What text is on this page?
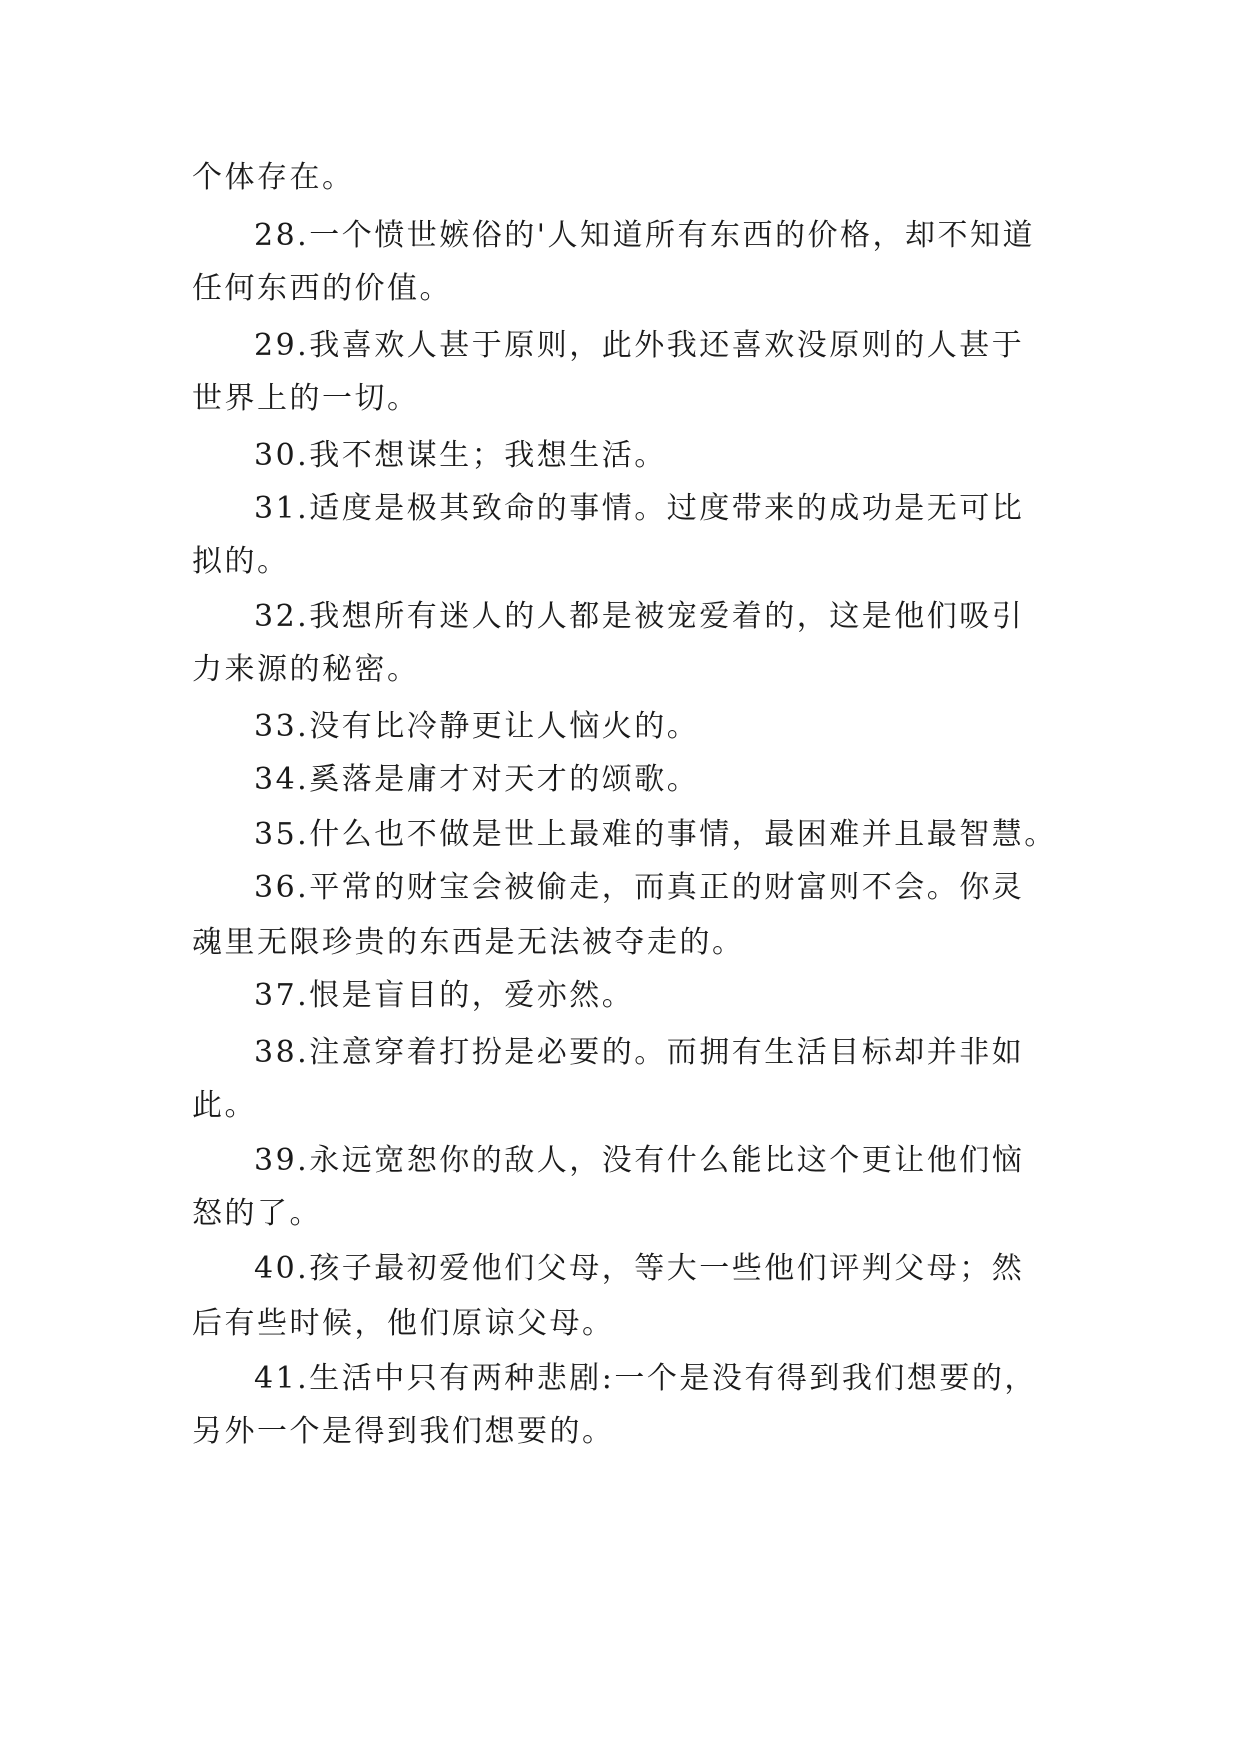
个体存在。
28.一个愤世嫉俗的'人知道所有东西的价格，却不知道
任何东西的价值。
29.我喜欢人甚于原则，此外我还喜欢没原则的人甚于
世界上的一切。
30.我不想谋生；我想生活。
31.适度是极其致命的事情。过度带来的成功是无可比
拟的。
32.我想所有迷人的人都是被宠爱着的，这是他们吸引
力来源的秘密。
33.没有比冷静更让人恼火的。
34.奚落是庸才对天才的颂歌。
35.什么也不做是世上最难的事情，最困难并且最智慧。
36.平常的财宝会被偷走，而真正的财富则不会。你灵
魂里无限珍贵的东西是无法被夺走的。
37.恨是盲目的，爱亦然。
38.注意穿着打扮是必要的。而拥有生活目标却并非如
此。
39.永远宽恕你的敌人，没有什么能比这个更让他们恼
怒的了。
40.孩子最初爱他们父母，等大一些他们评判父母；然
后有些时候，他们原谅父母。
41.生活中只有两种悲剧:一个是没有得到我们想要的，
另外一个是得到我们想要的。
